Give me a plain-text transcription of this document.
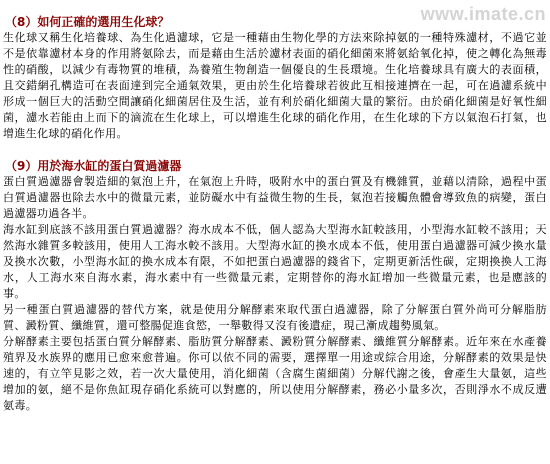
www.imate.cn

（8）如何正確的選用生化球？

生化球又稱生化培養球、為生化過濾球，它是一種藉由生物化學的方法來除掉氨的一種特殊濾材，不過它並不是依靠濾材本身的作用將氨除去，而是藉由生活於濾材表面的硝化細菌來將氨給氧化掉，使之轉化為無毒性的硝酸，以減少有毒物質的堆積，為養殖生物創造一個優良的生長環境。生化培養球具有廣大的表面積，且交錯網孔構造可在表面達到完全通氣效果，更由於生化培養球若彼此互相接連擠在一起，可在過濾系統中形成一個巨大的活動空間讓硝化細菌居住及生活，並有利於硝化細菌大量的繁衍。由於硝化細菌是好氧性細菌，濾水若能由上而下的滴流在生化球上，可以增進生化球的硝化作用，在生化球的下方以氣泡石打氣，也增進生化球的硝化作用。

（9）用於海水缸的蛋白質過濾器

蛋白質過濾器會製造細的氣泡上升，在氣泡上升時，吸附水中的蛋白質及有機雜質，並藉以清除，過程中蛋白質過濾器也除去水中的微量元素，並防礙水中有益微生物的生長，氣泡若接觸魚體會導致魚的病變，蛋白過濾器功過各半。

海水缸到底該不該用蛋白質過濾器？海水成本不低，個人認為大型海水缸較該用，小型海水缸較不該用；天然海水雜質多較該用，使用人工海水較不該用。大型海水缸的換水成本不低，使用蛋白過濾器可減少換水量及換水次數，小型海水缸的換水成本有限，不如把蛋白過濾器的錢省下，定期更新活性碳，定期換換人工海水，人工海水來自海水素，海水素中有一些微量元素，定期替你的海水缸增加一些微量元素，也是應該的事。

另一種蛋白質過濾器的替代方案，就是使用分解酵素來取代蛋白過濾器，除了分解蛋白質外尚可分解脂肪質、澱粉質、纖維質，還可整腸促進食慾，一舉數得又沒有後遺症，現己漸成趨勢風氣。

分解酵素主要包括蛋白質分解酵素、脂肪質分解酵素、澱粉質分解酵素、纖維質分解酵素。近年來在水產養殖界及水族界的應用已愈來愈普遍。你可以依不同的需要，選擇單一用途或綜合用途，分解酵素的效果是快速的，有立竿見影之效，若一次大量使用，消化細菌（含腐生菌細菌）分解代謝之後，會產生大量氨，這些增加的氨，絕不是你魚缸現存硝化系統可以對應的，所以使用分解酵素，務必小量多次，否則淨水不成反遭氨毒。
